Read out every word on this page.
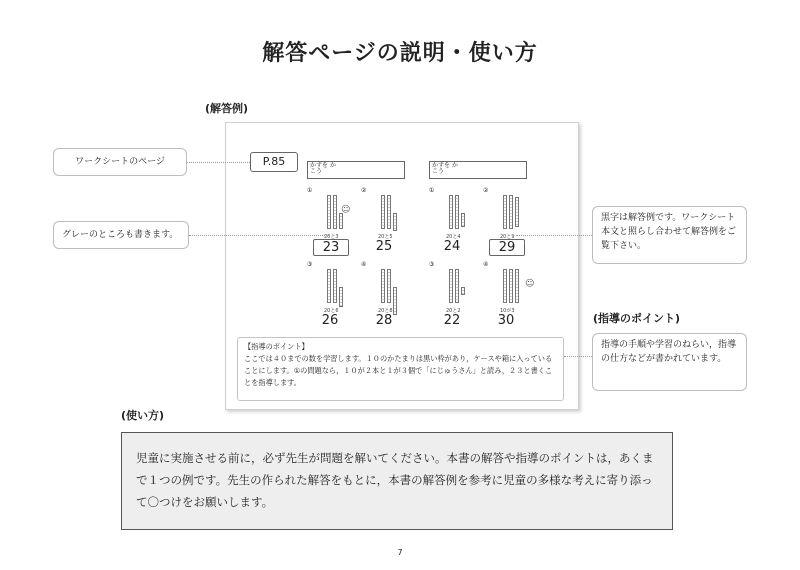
解答ページの説明・使い方
(解答例)
かずを かこう
①
20と3
23
②
20と5
25
③
20と6
26
④
20と8
28
☺
かずを かこう
①
20と4
24
②
20と9
29
③
20と2
22
④
10が3
30
☺
P.85
【指導のポイント】
ここでは４０までの数を学習します。１０のかたまりは黒い枠があり，ケースや箱に入っていることにします。①の問題なら，１０が２本と１が３個で「にじゅうさん」と読み，２３と書くことを指導します。
ワークシートのページ
グレーのところも書きます。
黒字は解答例です。ワークシート本文と照らし合わせて解答例をご覧下さい。
(指導のポイント)
指導の手順や学習のねらい，指導の仕方などが書かれています。
(使い方)
児童に実施させる前に，必ず先生が問題を解いてください。本書の解答や指導のポイントは，あくまで１つの例です。先生の作られた解答をもとに，本書の解答例を参考に児童の多様な考えに寄り添って〇つけをお願いします。
7
